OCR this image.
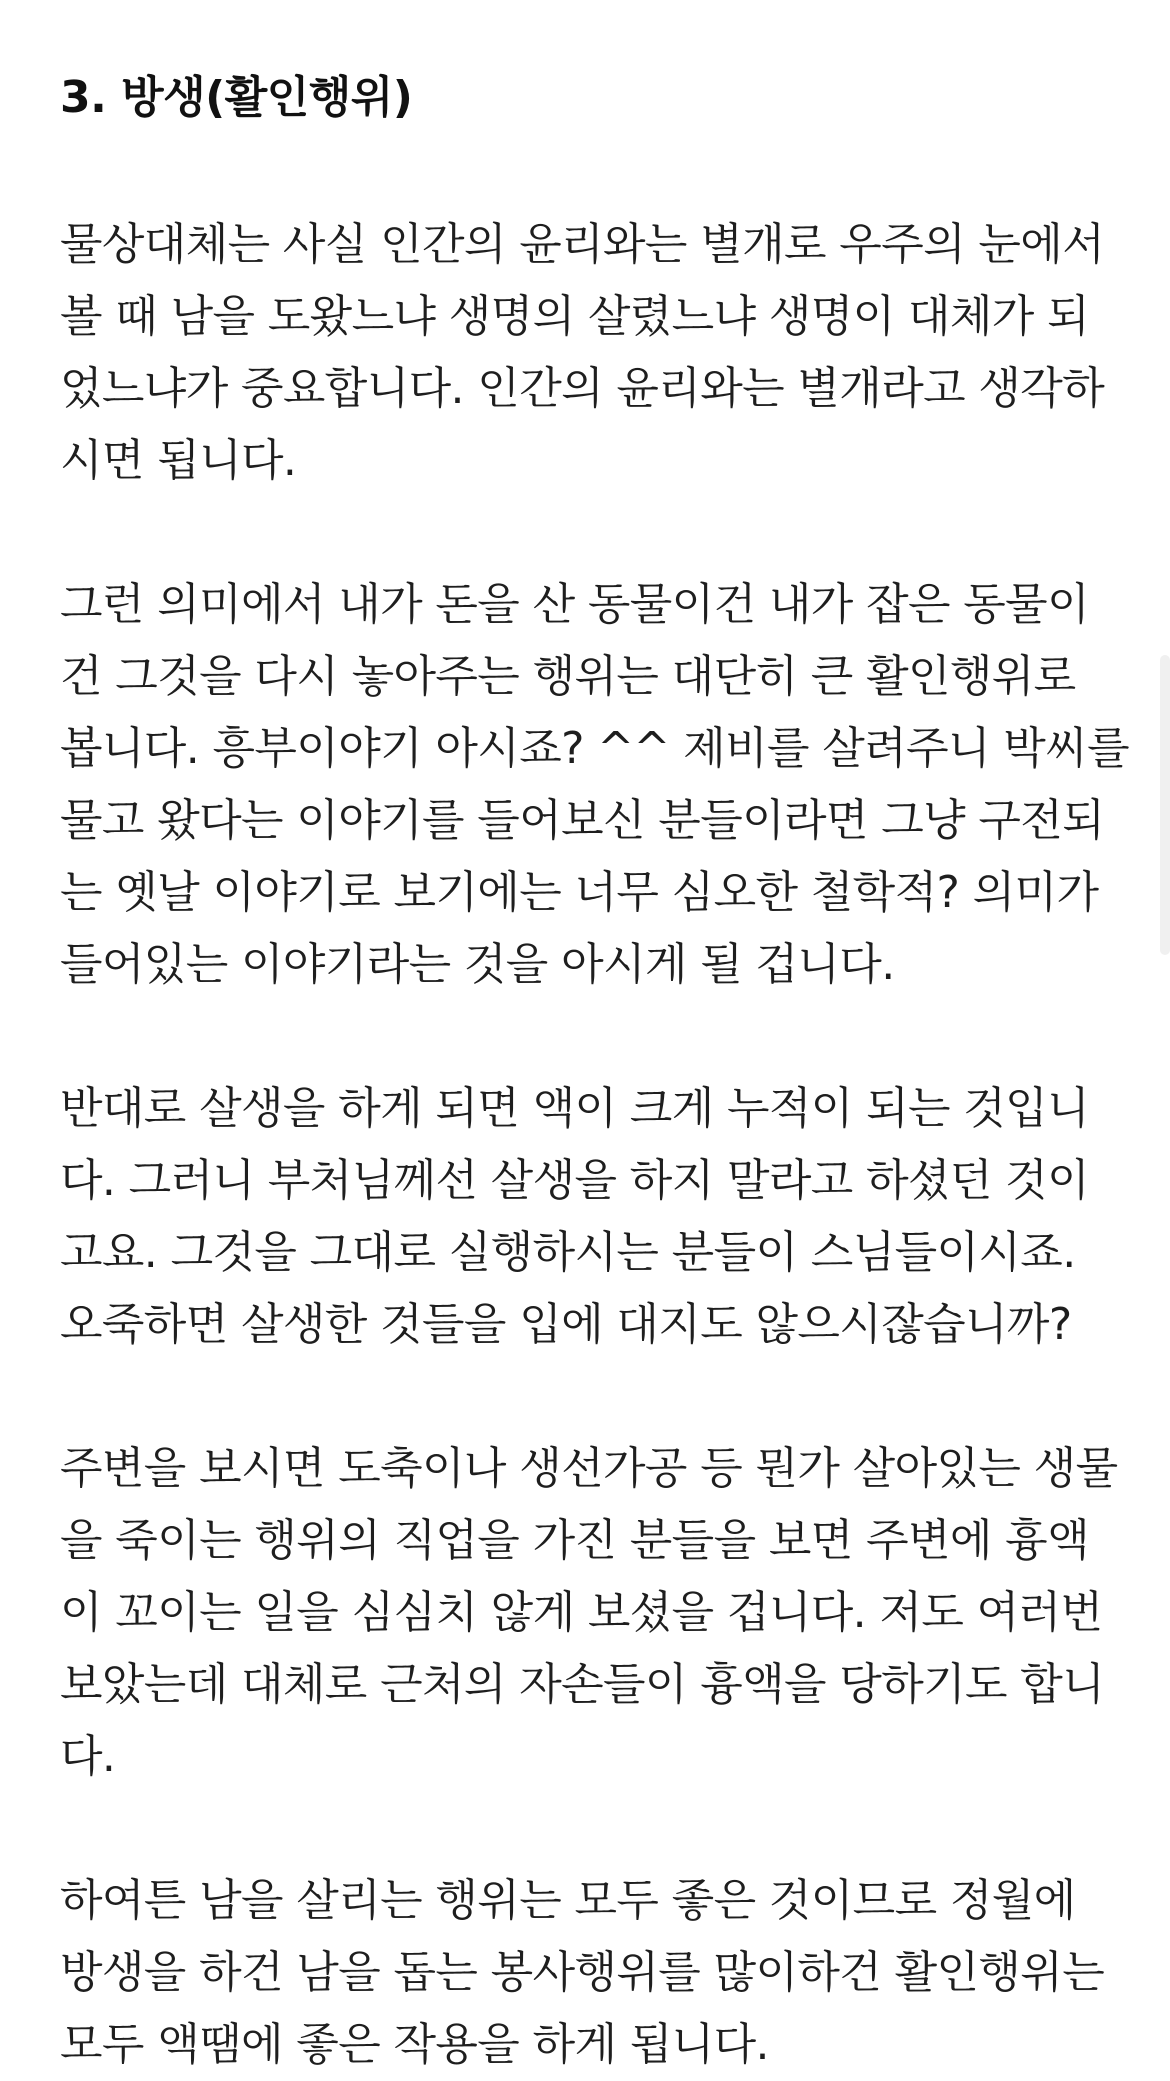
3. 방생(활인행위)

물상대체는 사실 인간의 윤리와는 별개로 우주의 눈에서
볼 때 남을 도왔느냐 생명의 살렸느냐 생명이 대체가 되
었느냐가 중요합니다. 인간의 윤리와는 별개라고 생각하
시면 됩니다.

그런 의미에서 내가 돈을 산 동물이건 내가 잡은 동물이
건 그것을 다시 놓아주는 행위는 대단히 큰 활인행위로
봅니다. 흥부이야기 아시죠? ^^ 제비를 살려주니 박씨를
물고 왔다는 이야기를 들어보신 분들이라면 그냥 구전되
는 옛날 이야기로 보기에는 너무 심오한 철학적? 의미가
들어있는 이야기라는 것을 아시게 될 겁니다.

반대로 살생을 하게 되면 액이 크게 누적이 되는 것입니
다. 그러니 부처님께선 살생을 하지 말라고 하셨던 것이
고요. 그것을 그대로 실행하시는 분들이 스님들이시죠.
오죽하면 살생한 것들을 입에 대지도 않으시잖습니까?

주변을 보시면 도축이나 생선가공 등 뭔가 살아있는 생물
을 죽이는 행위의 직업을 가진 분들을 보면 주변에 흉액
이 꼬이는 일을 심심치 않게 보셨을 겁니다. 저도 여러번
보았는데 대체로 근처의 자손들이 흉액을 당하기도 합니
다.

하여튼 남을 살리는 행위는 모두 좋은 것이므로 정월에
방생을 하건 남을 돕는 봉사행위를 많이하건 활인행위는
모두 액땜에 좋은 작용을 하게 됩니다.
